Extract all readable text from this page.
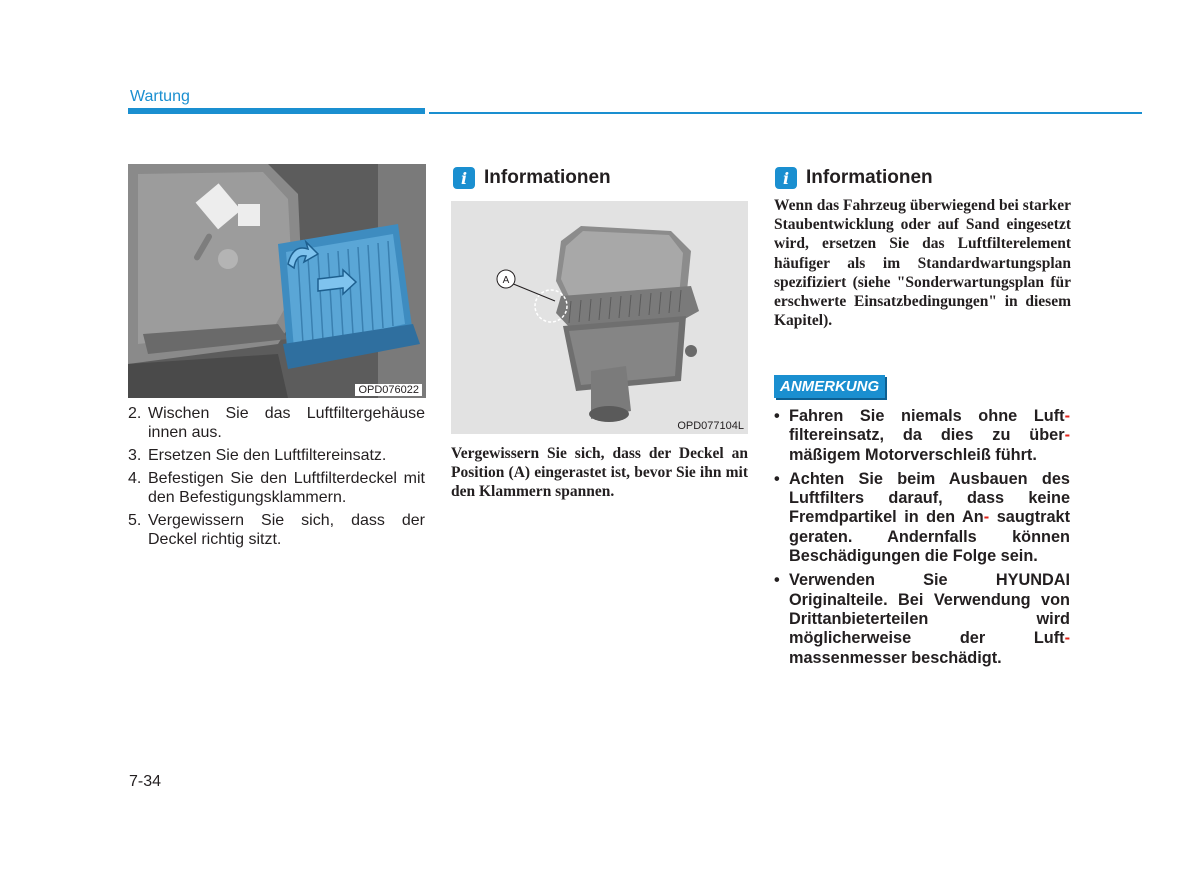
Wartung
OPD076022
2. Wischen Sie das Luftfiltergehäuse innen aus.
3. Ersetzen Sie den Luftfiltereinsatz.
4. Befestigen Sie den Luftfilterdeckel mit den Befestigungsklammern.
5. Vergewissern Sie sich, dass der Deckel richtig sitzt.
i Informationen
A
OPD077104L
Vergewissern Sie sich, dass der Deckel an Position (A) eingerastet ist, bevor Sie ihn mit den Klammern spannen.
i Informationen
Wenn das Fahrzeug überwiegend bei starker Staubentwicklung oder auf Sand eingesetzt wird, ersetzen Sie das Luftfilterelement häufiger als im Standardwartungsplan spezifiziert (siehe "Sonderwartungsplan für erschwerte Einsatzbedingungen" in diesem Kapitel).
ANMERKUNG
• Fahren Sie niemals ohne Luft- filtereinsatz, da dies zu über- mäßigem Motorverschleiß führt.
• Achten Sie beim Ausbauen des Luftfilters darauf, dass keine Fremdpartikel in den An- saugtrakt geraten. Andernfalls können Beschädigungen die Folge sein.
• Verwenden Sie HYUNDAI Originalteile. Bei Verwendung von Drittanbieterteilen wird möglicherweise der Luft- massenmesser beschädigt.
7-34
